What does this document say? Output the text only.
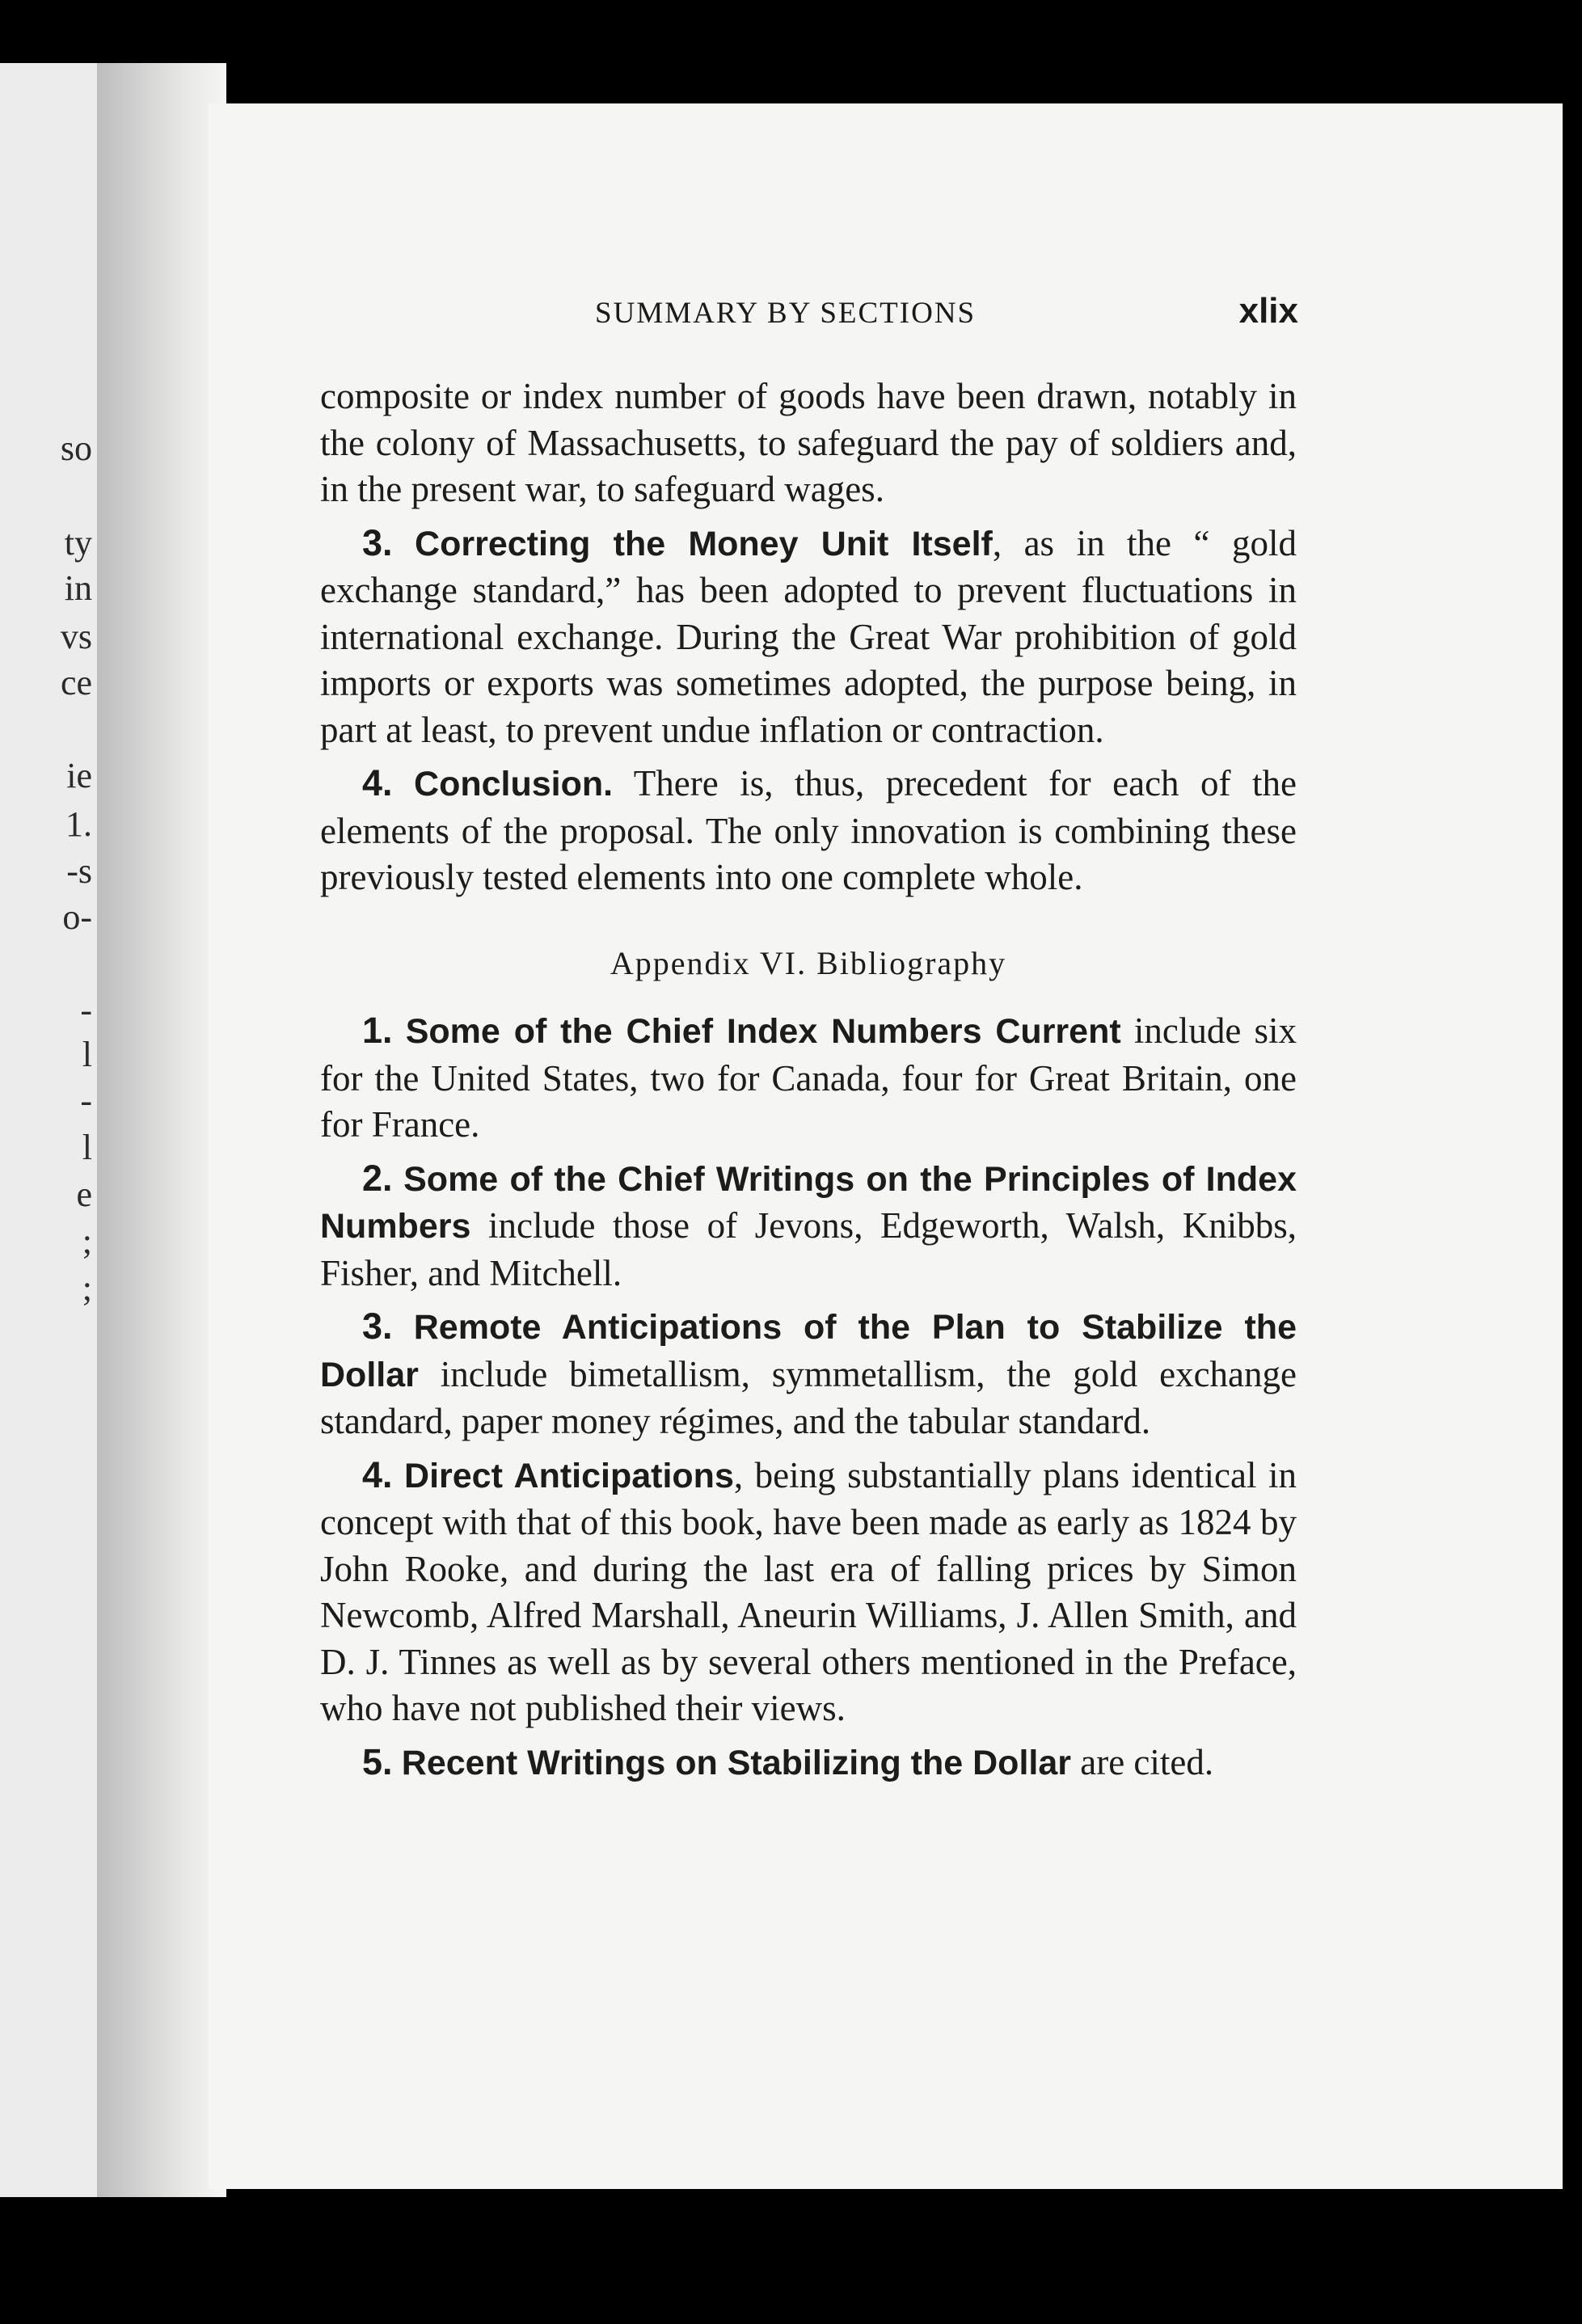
so
ty
in
vs
ce
ie
1.
-s
o-
-
l
-
l
e
;
;
SUMMARY BY SECTIONS	xlix

composite or index number of goods have been drawn, notably in the colony of Massachusetts, to safeguard the pay of soldiers and, in the present war, to safeguard wages.

3. Correcting the Money Unit Itself, as in the “ gold exchange standard,” has been adopted to prevent fluctuations in international exchange. During the Great War prohibition of gold imports or exports was sometimes adopted, the purpose being, in part at least, to prevent undue inflation or contraction.

4. Conclusion. There is, thus, precedent for each of the elements of the proposal. The only innovation is combining these previously tested elements into one complete whole.

Appendix VI. Bibliography

1. Some of the Chief Index Numbers Current include six for the United States, two for Canada, four for Great Britain, one for France.

2. Some of the Chief Writings on the Principles of Index Numbers include those of Jevons, Edgeworth, Walsh, Knibbs, Fisher, and Mitchell.

3. Remote Anticipations of the Plan to Stabilize the Dollar include bimetallism, symmetallism, the gold exchange standard, paper money régimes, and the tabular standard.

4. Direct Anticipations, being substantially plans identical in concept with that of this book, have been made as early as 1824 by John Rooke, and during the last era of falling prices by Simon Newcomb, Alfred Marshall, Aneurin Williams, J. Allen Smith, and D. J. Tinnes as well as by several others mentioned in the Preface, who have not published their views.

5. Recent Writings on Stabilizing the Dollar are cited.
